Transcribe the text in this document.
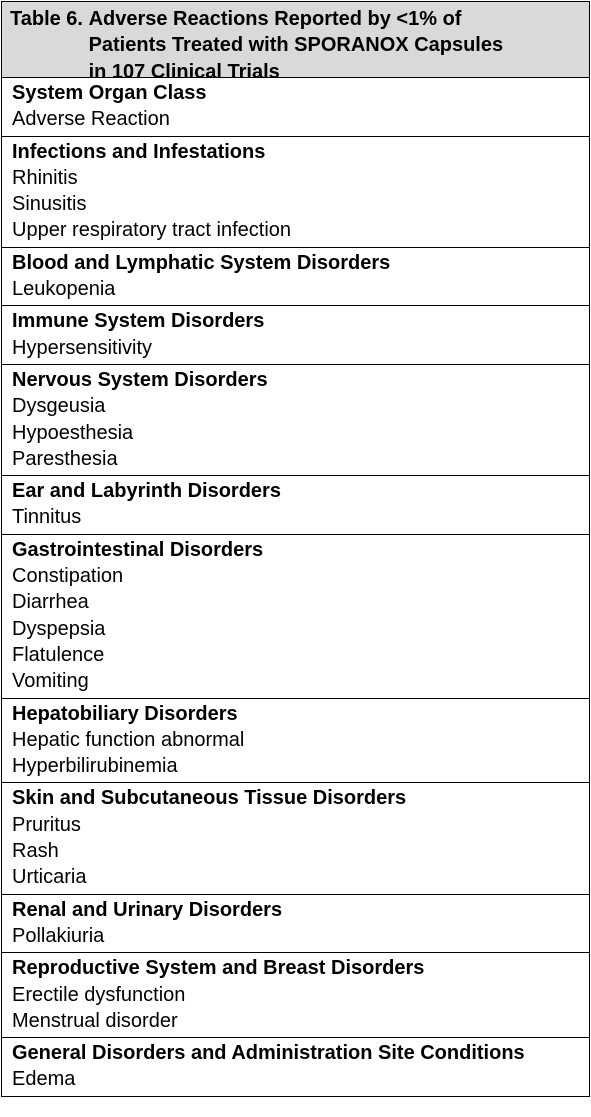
Table 6.
Adverse Reactions Reported by <1% of
Patients Treated with SPORANOX Capsules
in 107 Clinical Trials
System Organ Class
Adverse Reaction
Infections and Infestations
Rhinitis
Sinusitis
Upper respiratory tract infection
Blood and Lymphatic System Disorders
Leukopenia
Immune System Disorders
Hypersensitivity
Nervous System Disorders
Dysgeusia
Hypoesthesia
Paresthesia
Ear and Labyrinth Disorders
Tinnitus
Gastrointestinal Disorders
Constipation
Diarrhea
Dyspepsia
Flatulence
Vomiting
Hepatobiliary Disorders
Hepatic function abnormal
Hyperbilirubinemia
Skin and Subcutaneous Tissue Disorders
Pruritus
Rash
Urticaria
Renal and Urinary Disorders
Pollakiuria
Reproductive System and Breast Disorders
Erectile dysfunction
Menstrual disorder
General Disorders and Administration Site Conditions
Edema
